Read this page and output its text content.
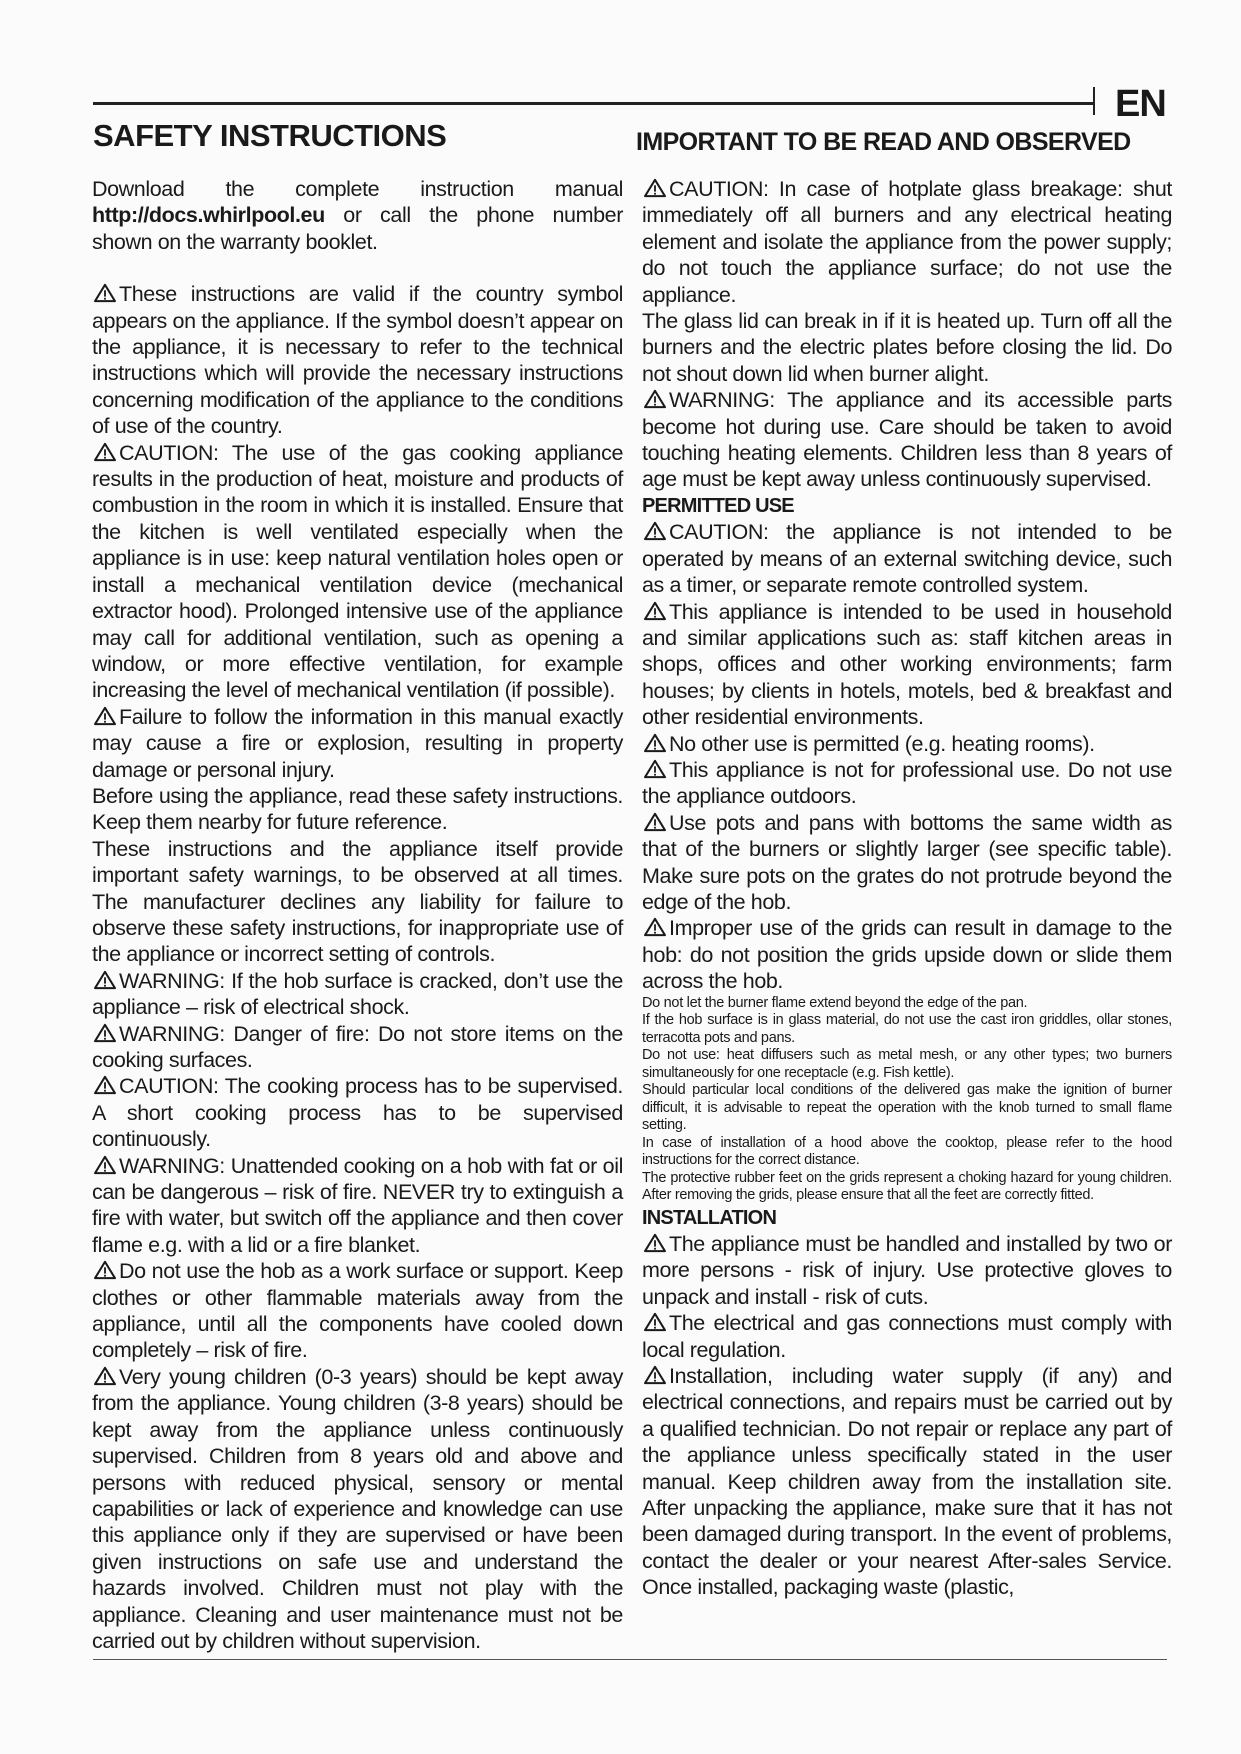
EN
SAFETY INSTRUCTIONS	IMPORTANT TO BE READ AND OBSERVED

Download the complete instruction manual http://docs.whirlpool.eu or call the phone number shown on the warranty booklet.

These instructions are valid if the country symbol appears on the appliance. If the symbol doesn’t appear on the appliance, it is necessary to refer to the technical instructions which will provide the necessary instructions concerning modification of the appliance to the conditions of use of the country.

CAUTION: The use of the gas cooking appliance results in the production of heat, moisture and products of combustion in the room in which it is installed. Ensure that the kitchen is well ventilated especially when the appliance is in use: keep natural ventilation holes open or install a mechanical ventilation device (mechanical extractor hood). Prolonged intensive use of the appliance may call for additional ventilation, such as opening a window, or more effective ventilation, for example increasing the level of mechanical ventilation (if possible).

Failure to follow the information in this manual exactly may cause a fire or explosion, resulting in property damage or personal injury.

Before using the appliance, read these safety instructions. Keep them nearby for future reference.

These instructions and the appliance itself provide important safety warnings, to be observed at all times. The manufacturer declines any liability for failure to observe these safety instructions, for inappropriate use of the appliance or incorrect setting of controls.

WARNING: If the hob surface is cracked, don’t use the appliance – risk of electrical shock.

WARNING: Danger of fire: Do not store items on the cooking surfaces.

CAUTION: The cooking process has to be supervised. A short cooking process has to be supervised continuously.

WARNING: Unattended cooking on a hob with fat or oil can be dangerous – risk of fire. NEVER try to extinguish a fire with water, but switch off the appliance and then cover flame e.g. with a lid or a fire blanket.

Do not use the hob as a work surface or support. Keep clothes or other flammable materials away from the appliance, until all the components have cooled down completely – risk of fire.

Very young children (0-3 years) should be kept away from the appliance. Young children (3-8 years) should be kept away from the appliance unless continuously supervised. Children from 8 years old and above and persons with reduced physical, sensory or mental capabilities or lack of experience and knowledge can use this appliance only if they are supervised or have been given instructions on safe use and understand the hazards involved. Children must not play with the appliance. Cleaning and user maintenance must not be carried out by children without supervision.

CAUTION: In case of hotplate glass breakage: shut immediately off all burners and any electrical heating element and isolate the appliance from the power supply; do not touch the appliance surface; do not use the appliance.

The glass lid can break in if it is heated up. Turn off all the burners and the electric plates before closing the lid. Do not shout down lid when burner alight.

WARNING: The appliance and its accessible parts become hot during use. Care should be taken to avoid touching heating elements. Children less than 8 years of age must be kept away unless continuously supervised.

PERMITTED USE

CAUTION: the appliance is not intended to be operated by means of an external switching device, such as a timer, or separate remote controlled system.

This appliance is intended to be used in household and similar applications such as: staff kitchen areas in shops, offices and other working environments; farm houses; by clients in hotels, motels, bed & breakfast and other residential environments.

No other use is permitted (e.g. heating rooms).

This appliance is not for professional use. Do not use the appliance outdoors.

Use pots and pans with bottoms the same width as that of the burners or slightly larger (see specific table). Make sure pots on the grates do not protrude beyond the edge of the hob.

Improper use of the grids can result in damage to the hob: do not position the grids upside down or slide them across the hob.

Do not let the burner flame extend beyond the edge of the pan.

If the hob surface is in glass material, do not use the cast iron griddles, ollar stones, terracotta pots and pans.

Do not use: heat diffusers such as metal mesh, or any other types; two burners simultaneously for one receptacle (e.g. Fish kettle).

Should particular local conditions of the delivered gas make the ignition of burner difficult, it is advisable to repeat the operation with the knob turned to small flame setting.

In case of installation of a hood above the cooktop, please refer to the hood instructions for the correct distance.

The protective rubber feet on the grids represent a choking hazard for young children. After removing the grids, please ensure that all the feet are correctly fitted.

INSTALLATION

The appliance must be handled and installed by two or more persons - risk of injury. Use protective gloves to unpack and install - risk of cuts.

The electrical and gas connections must comply with local regulation.

Installation, including water supply (if any) and electrical connections, and repairs must be carried out by a qualified technician. Do not repair or replace any part of the appliance unless specifically stated in the user manual. Keep children away from the installation site. After unpacking the appliance, make sure that it has not been damaged during transport. In the event of problems, contact the dealer or your nearest After-sales Service. Once installed, packaging waste (plastic,
